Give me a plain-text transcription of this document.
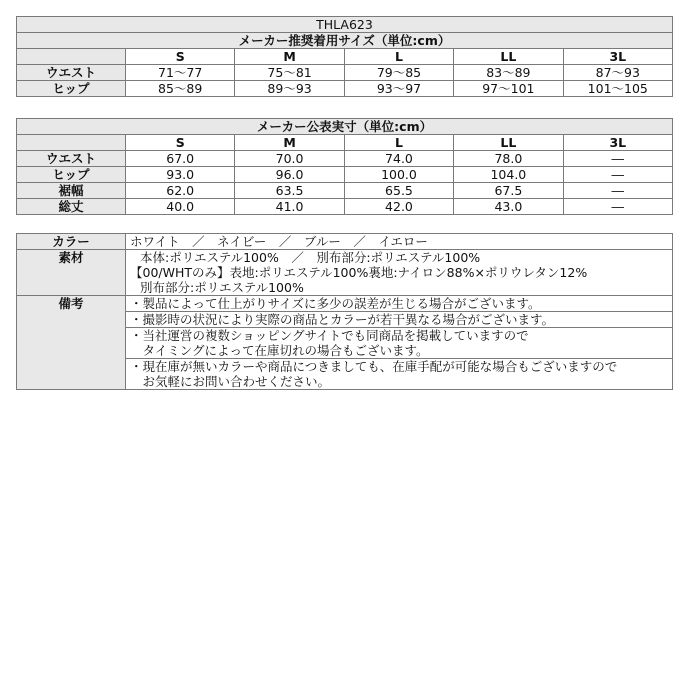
THLA623					
メーカー推奨着用サイズ（単位:cm）					
	S	M	L	LL	3L
ウエスト	71～77	75～81	79～85	83～89	87～93
ヒップ	85～89	89～93	93～97	97～101	101～105
メーカー公表実寸（単位:cm）					
	S	M	L	LL	3L
ウエスト	67.0	70.0	74.0	78.0	―
ヒップ	93.0	96.0	100.0	104.0	―
裾幅	62.0	63.5	65.5	67.5	―
総丈	40.0	41.0	42.0	43.0	―
カラー	ホワイト　／　ネイビー　／　ブルー　／　イエロー
素材	本体:ポリエステル100%　／　別布部分:ポリエステル100%
【00/WHTのみ】表地:ポリエステル100%裏地:ナイロン88%×ポリウレタン12%
別布部分:ポリエステル100%

備考	・製品によって仕上がりサイズに多少の誤差が生じる場合がございます。

	・撮影時の状況により実際の商品とカラーが若干異なる場合がございます。

	・当社運営の複数ショッピングサイトでも同商品を掲載していますので
　タイミングによって在庫切れの場合もございます。

	・現在庫が無いカラーや商品につきましても、在庫手配が可能な場合もございますので
　お気軽にお問い合わせください。
